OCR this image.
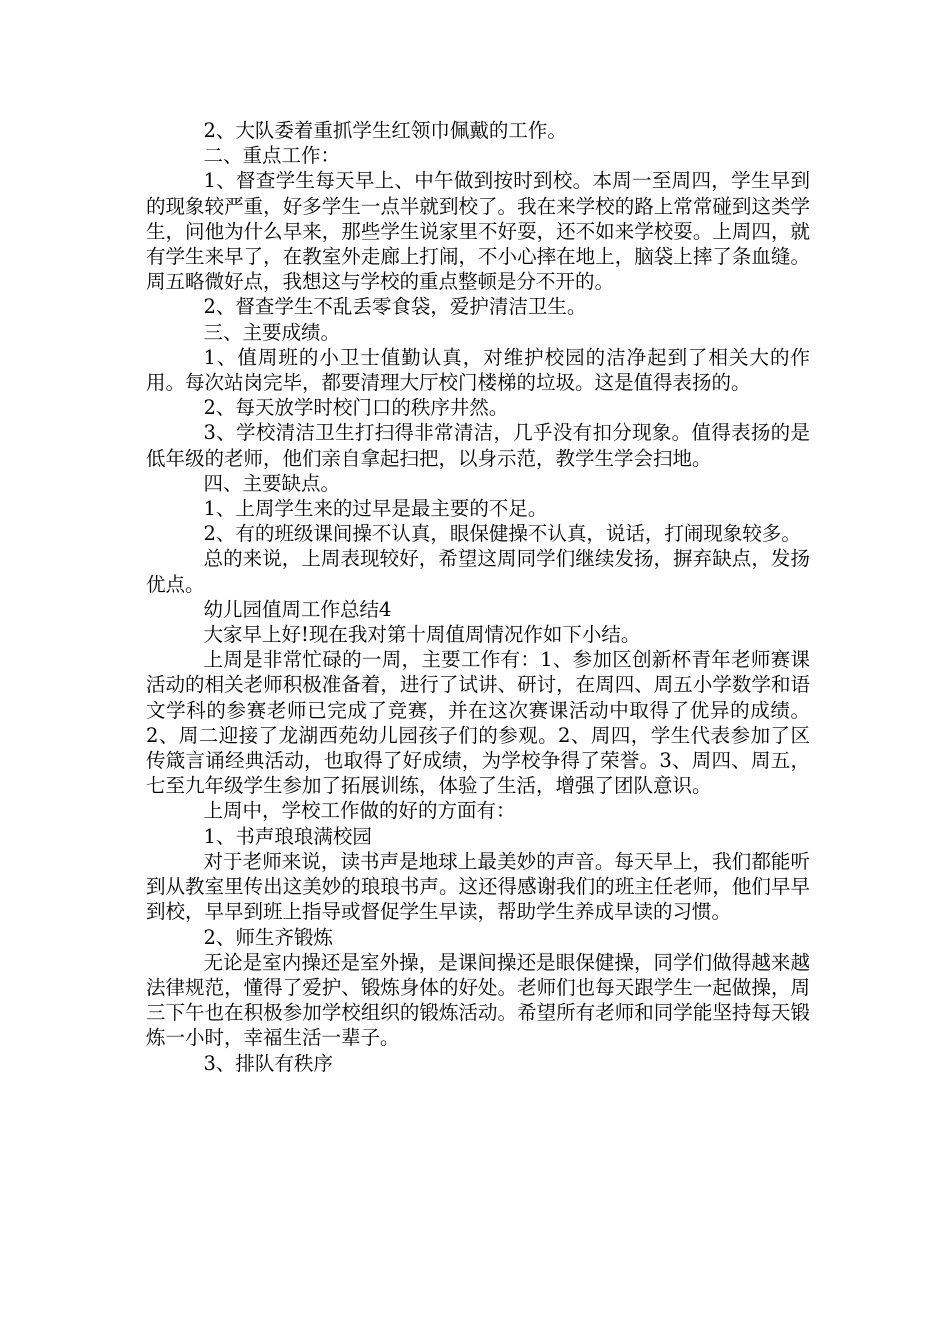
2、大队委着重抓学生红领巾佩戴的工作。

二、重点工作：

1、督查学生每天早上、中午做到按时到校。本周一至周四，学生早到的现象较严重，好多学生一点半就到校了。我在来学校的路上常常碰到这类学生，问他为什么早来，那些学生说家里不好耍，还不如来学校耍。上周四，就有学生来早了，在教室外走廊上打闹，不小心摔在地上，脑袋上摔了条血缝。周五略微好点，我想这与学校的重点整顿是分不开的。

2、督查学生不乱丢零食袋，爱护清洁卫生。

三、主要成绩。

1、值周班的小卫士值勤认真，对维护校园的洁净起到了相关大的作用。每次站岗完毕，都要清理大厅校门楼梯的垃圾。这是值得表扬的。

2、每天放学时校门口的秩序井然。

3、学校清洁卫生打扫得非常清洁，几乎没有扣分现象。值得表扬的是低年级的老师，他们亲自拿起扫把，以身示范，教学生学会扫地。

四、主要缺点。

1、上周学生来的过早是最主要的不足。

2、有的班级课间操不认真，眼保健操不认真，说话，打闹现象较多。

总的来说，上周表现较好，希望这周同学们继续发扬，摒弃缺点，发扬优点。

幼儿园值周工作总结4

大家早上好!现在我对第十周值周情况作如下小结。

上周是非常忙碌的一周，主要工作有：1、参加区创新杯青年老师赛课活动的相关老师积极准备着，进行了试讲、研讨，在周四、周五小学数学和语文学科的参赛老师已完成了竞赛，并在这次赛课活动中取得了优异的成绩。2、周二迎接了龙湖西苑幼儿园孩子们的参观。2、周四，学生代表参加了区传箴言诵经典活动，也取得了好成绩，为学校争得了荣誉。3、周四、周五，七至九年级学生参加了拓展训练，体验了生活，增强了团队意识。

上周中，学校工作做的好的方面有：

1、书声琅琅满校园

对于老师来说，读书声是地球上最美妙的声音。每天早上，我们都能听到从教室里传出这美妙的琅琅书声。这还得感谢我们的班主任老师，他们早早到校，早早到班上指导或督促学生早读，帮助学生养成早读的习惯。

2、师生齐锻炼

无论是室内操还是室外操，是课间操还是眼保健操，同学们做得越来越法律规范，懂得了爱护、锻炼身体的好处。老师们也每天跟学生一起做操，周三下午也在积极参加学校组织的锻炼活动。希望所有老师和同学能坚持每天锻炼一小时，幸福生活一辈子。

3、排队有秩序
